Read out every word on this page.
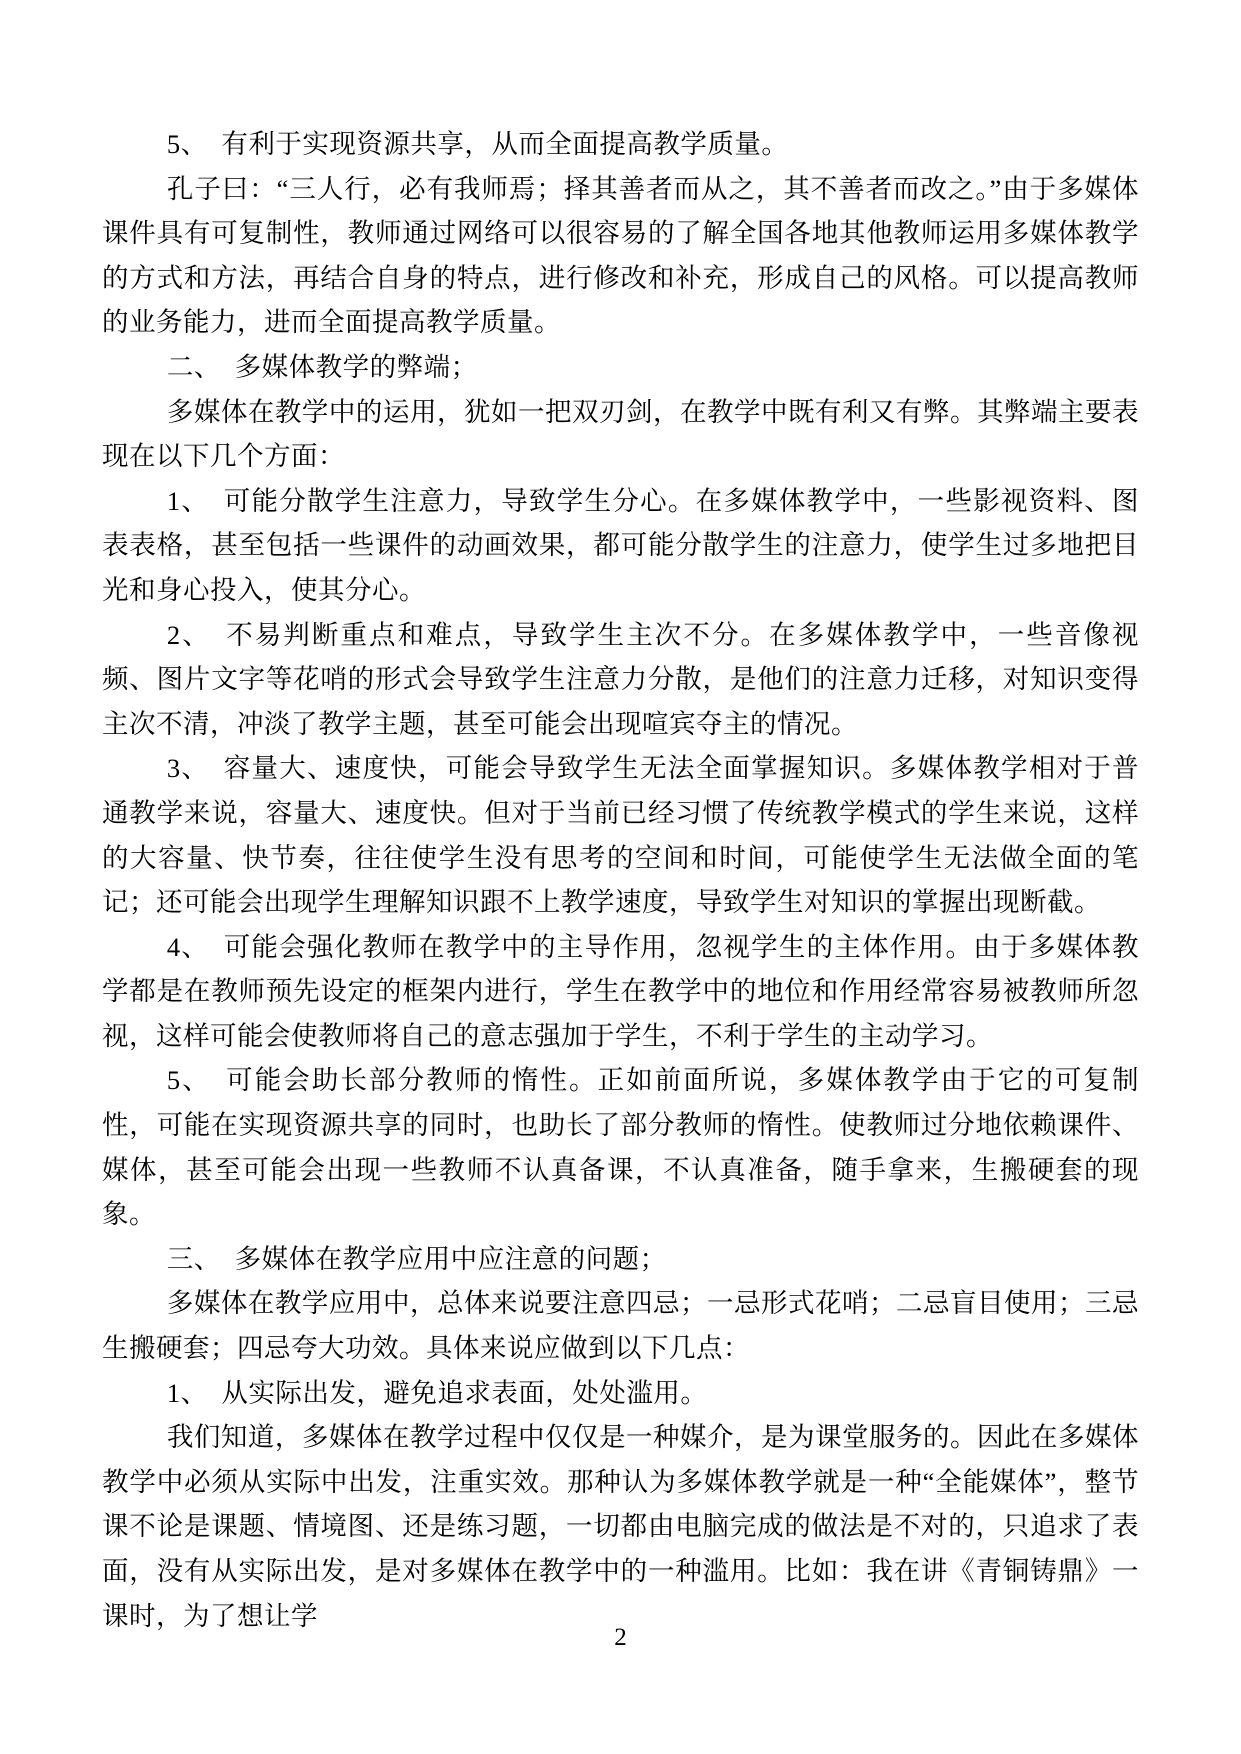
5、　有利于实现资源共享，从而全面提高教学质量。

孔子曰：“三人行，必有我师焉；择其善者而从之，其不善者而改之。”由于多媒体课件具有可复制性，教师通过网络可以很容易的了解全国各地其他教师运用多媒体教学的方式和方法，再结合自身的特点，进行修改和补充，形成自己的风格。可以提高教师的业务能力，进而全面提高教学质量。

二、　多媒体教学的弊端；

多媒体在教学中的运用，犹如一把双刃剑，在教学中既有利又有弊。其弊端主要表现在以下几个方面：

1、　可能分散学生注意力，导致学生分心。在多媒体教学中，一些影视资料、图表表格，甚至包括一些课件的动画效果，都可能分散学生的注意力，使学生过多地把目光和身心投入，使其分心。

2、　不易判断重点和难点，导致学生主次不分。在多媒体教学中，一些音像视频、图片文字等花哨的形式会导致学生注意力分散，是他们的注意力迁移，对知识变得主次不清，冲淡了教学主题，甚至可能会出现喧宾夺主的情况。

3、　容量大、速度快，可能会导致学生无法全面掌握知识。多媒体教学相对于普通教学来说，容量大、速度快。但对于当前已经习惯了传统教学模式的学生来说，这样的大容量、快节奏，往往使学生没有思考的空间和时间，可能使学生无法做全面的笔记；还可能会出现学生理解知识跟不上教学速度，导致学生对知识的掌握出现断截。

4、　可能会强化教师在教学中的主导作用，忽视学生的主体作用。由于多媒体教学都是在教师预先设定的框架内进行，学生在教学中的地位和作用经常容易被教师所忽视，这样可能会使教师将自己的意志强加于学生，不利于学生的主动学习。

5、　可能会助长部分教师的惰性。正如前面所说，多媒体教学由于它的可复制性，可能在实现资源共享的同时，也助长了部分教师的惰性。使教师过分地依赖课件、媒体，甚至可能会出现一些教师不认真备课，不认真准备，随手拿来，生搬硬套的现象。

三、　多媒体在教学应用中应注意的问题；

多媒体在教学应用中，总体来说要注意四忌；一忌形式花哨；二忌盲目使用；三忌生搬硬套；四忌夸大功效。具体来说应做到以下几点：

1、　从实际出发，避免追求表面，处处滥用。

我们知道，多媒体在教学过程中仅仅是一种媒介，是为课堂服务的。因此在多媒体教学中必须从实际中出发，注重实效。那种认为多媒体教学就是一种“全能媒体”，整节课不论是课题、情境图、还是练习题，一切都由电脑完成的做法是不对的，只追求了表面，没有从实际出发，是对多媒体在教学中的一种滥用。比如：我在讲《青铜铸鼎》一课时，为了想让学

2
